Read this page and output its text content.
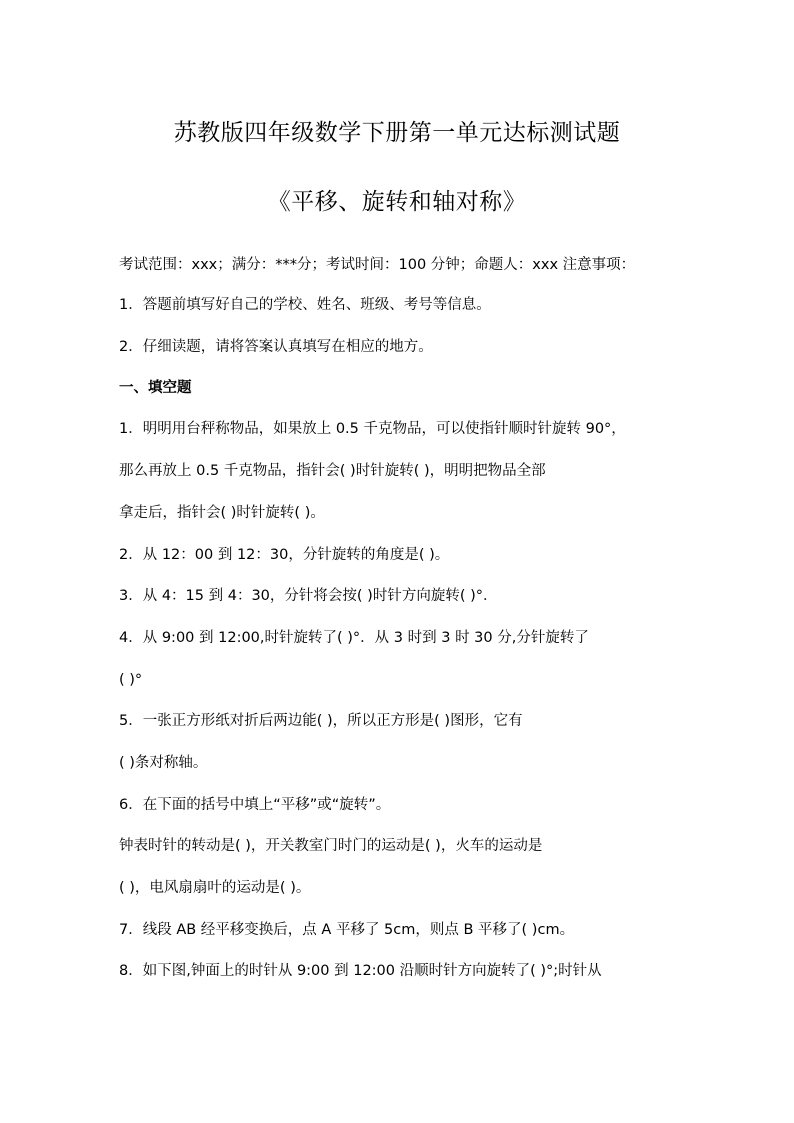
苏教版四年级数学下册第一单元达标测试题
《平移、旋转和轴对称》
考试范围：xxx；满分：***分；考试时间：100 分钟；命题人：xxx 注意事项：
1．答题前填写好自己的学校、姓名、班级、考号等信息。
2．仔细读题，请将答案认真填写在相应的地方。
一、填空题
1．明明用台秤称物品，如果放上 0.5 千克物品，可以使指针顺时针旋转 90°，
那么再放上 0.5 千克物品，指针会( )时针旋转( )，明明把物品全部
拿走后，指针会( )时针旋转( )。
2．从 12：00 到 12：30，分针旋转的角度是( )。
3．从 4：15 到 4：30，分针将会按( )时针方向旋转( )°．
4．从 9:00 到 12:00,时针旋转了( )°．从 3 时到 3 时 30 分,分针旋转了
( )°
5．一张正方形纸对折后两边能( )，所以正方形是( )图形，它有
( )条对称轴。
6．在下面的括号中填上“平移”或“旋转”。
钟表时针的转动是( )，开关教室门时门的运动是( )，火车的运动是
( )，电风扇扇叶的运动是( )。
7．线段 AB 经平移变换后，点 A 平移了 5cm，则点 B 平移了( )cm。
8．如下图,钟面上的时针从 9:00 到 12:00 沿顺时针方向旋转了( )°;时针从
